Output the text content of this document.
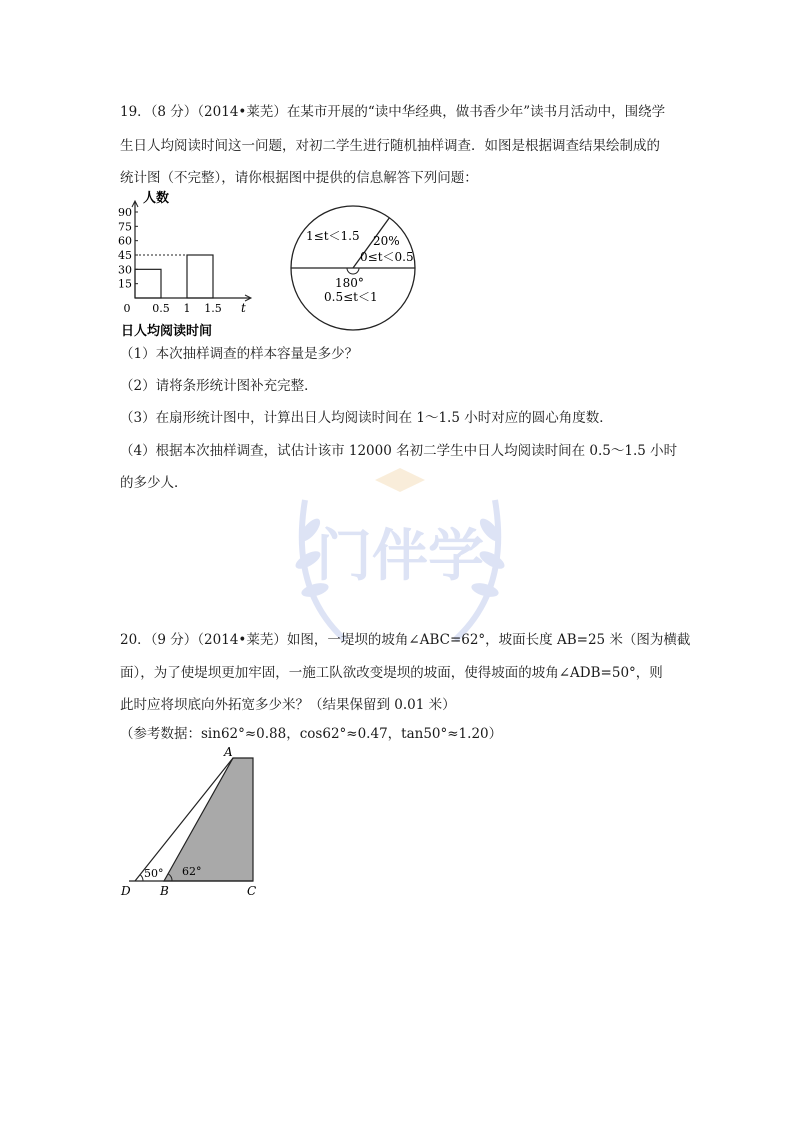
门伴学
19．（8 分）（2014•莱芜）在某市开展的“读中华经典，做书香少年”读书月活动中，围绕学
生日人均阅读时间这一问题，对初二学生进行随机抽样调查．如图是根据调查结果绘制成的
统计图（不完整），请你根据图中提供的信息解答下列问题：
15
30
45
60
75
90
0 0.5 1 1.5
人数
t
日人均阅读时间
1≤t＜1.5 20%
0≤t＜0.5
180°
0.5≤t＜1
（1）本次抽样调查的样本容量是多少？
（2）请将条形统计图补充完整．
（3）在扇形统计图中，计算出日人均阅读时间在 1～1.5 小时对应的圆心角度数．
（4）根据本次抽样调查，试估计该市 12000 名初二学生中日人均阅读时间在 0.5～1.5 小时
的多少人．
20．（9 分）（2014•莱芜）如图，一堤坝的坡角∠ABC=62°，坡面长度 AB=25 米（图为横截
面），为了使堤坝更加牢固，一施工队欲改变堤坝的坡面，使得坡面的坡角∠ADB=50°，则
此时应将坝底向外拓宽多少米？（结果保留到 0.01 米）
（参考数据：sin62°≈0.88，cos62°≈0.47，tan50°≈1.20）
A
D B	C
50° 62°
